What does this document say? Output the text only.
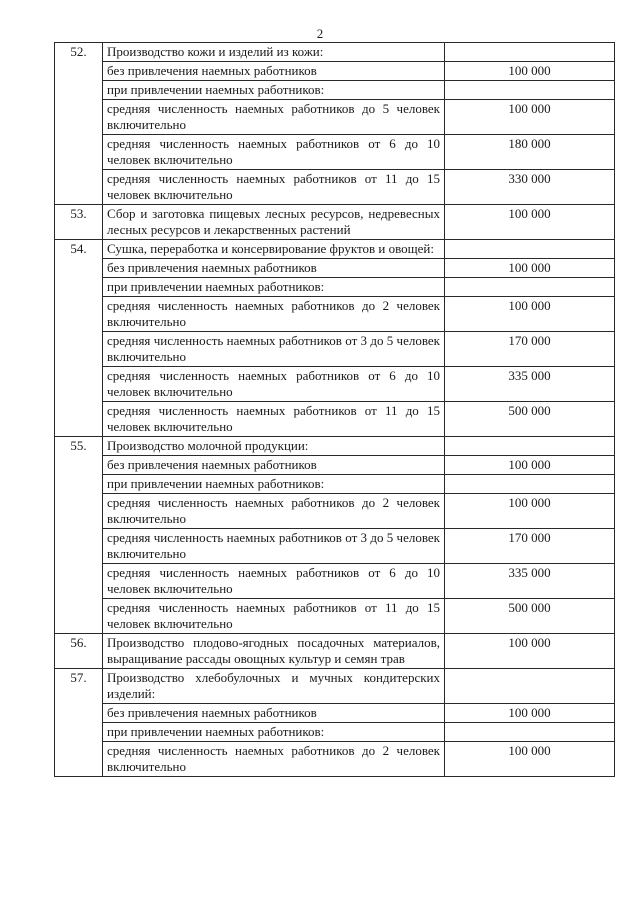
2
52.	Производство кожи и изделий из кожи:	
	без привлечения наемных работников	100 000
	при привлечении наемных работников:	
	средняя численность наемных работников до 5 человек включительно	100 000
	средняя численность наемных работников от 6 до 10 человек включительно	180 000
	средняя численность наемных работников от 11 до 15 человек включительно	330 000
53.	Сбор и заготовка пищевых лесных ресурсов, недревесных лесных ресурсов и лекарственных растений	100 000
54.	Сушка, переработка и консервирование фруктов и овощей:	
	без привлечения наемных работников	100 000
	при привлечении наемных работников:	
	средняя численность наемных работников до 2 человек включительно	100 000
	средняя численность наемных работников от 3 до 5 человек включительно	170 000
	средняя численность наемных работников от 6 до 10 человек включительно	335 000
	средняя численность наемных работников от 11 до 15 человек включительно	500 000
55.	Производство молочной продукции:	
	без привлечения наемных работников	100 000
	при привлечении наемных работников:	
	средняя численность наемных работников до 2 человек включительно	100 000
	средняя численность наемных работников от 3 до 5 человек включительно	170 000
	средняя численность наемных работников от 6 до 10 человек включительно	335 000
	средняя численность наемных работников от 11 до 15 человек включительно	500 000
56.	Производство плодово-ягодных посадочных материалов, выращивание рассады овощных культур и семян трав	100 000
57.	Производство хлебобулочных и мучных кондитерских изделий:	
	без привлечения наемных работников	100 000
	при привлечении наемных работников:	
	средняя численность наемных работников до 2 человек включительно	100 000
